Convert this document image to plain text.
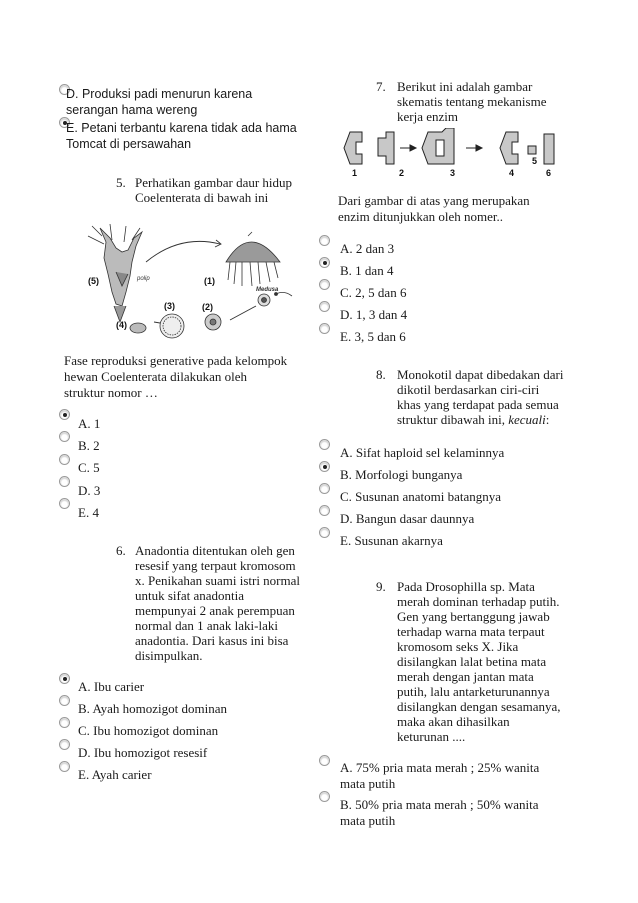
D. Produksi padi menurun karena serangan hama wereng
E. Petani terbantu karena tidak ada hama Tomcat di persawahan
5. Perhatikan gambar daur hidup
Coelenterata di bawah ini
(5)	polip	(1)
Medusa
(2)
(3)
(4)
Fase reproduksi generative pada kelompok
hewan Coelenterata dilakukan oleh
struktur nomor …
A. 1
B. 2
C. 5
D. 3
E. 4
6. Anadontia ditentukan oleh gen
resesif yang terpaut kromosom
x. Penikahan suami istri normal
untuk sifat anadontia
mempunyai 2 anak perempuan
normal dan 1 anak laki-laki
anadontia. Dari kasus ini bisa
disimpulkan.
A. Ibu carier
B. Ayah homozigot dominan
C. Ibu homozigot dominan
D. Ibu homozigot resesif
E. Ayah carier
7. Berikut ini adalah gambar
skematis tentang mekanisme
kerja enzim
1	2	3	4
5
6
Dari gambar di atas yang merupakan
enzim ditunjukkan oleh nomer..
A. 2 dan 3
B. 1 dan 4
C. 2, 5 dan 6
D. 1, 3 dan 4
E. 3, 5 dan 6
8. Monokotil dapat dibedakan dari
dikotil berdasarkan ciri-ciri
khas yang terdapat pada semua
struktur dibawah ini, kecuali:
A. Sifat haploid sel kelaminnya
B. Morfologi bunganya
C. Susunan anatomi batangnya
D. Bangun dasar daunnya
E. Susunan akarnya
9. Pada Drosophilla sp. Mata
merah dominan terhadap putih.
Gen yang bertanggung jawab
terhadap warna mata terpaut
kromosom seks X. Jika
disilangkan lalat betina mata
merah dengan jantan mata
putih, lalu antarketurunannya
disilangkan dengan sesamanya,
maka akan dihasilkan
keturunan ....
A. 75% pria mata merah ; 25% wanita mata putih
B. 50% pria mata merah ; 50% wanita mata putih
